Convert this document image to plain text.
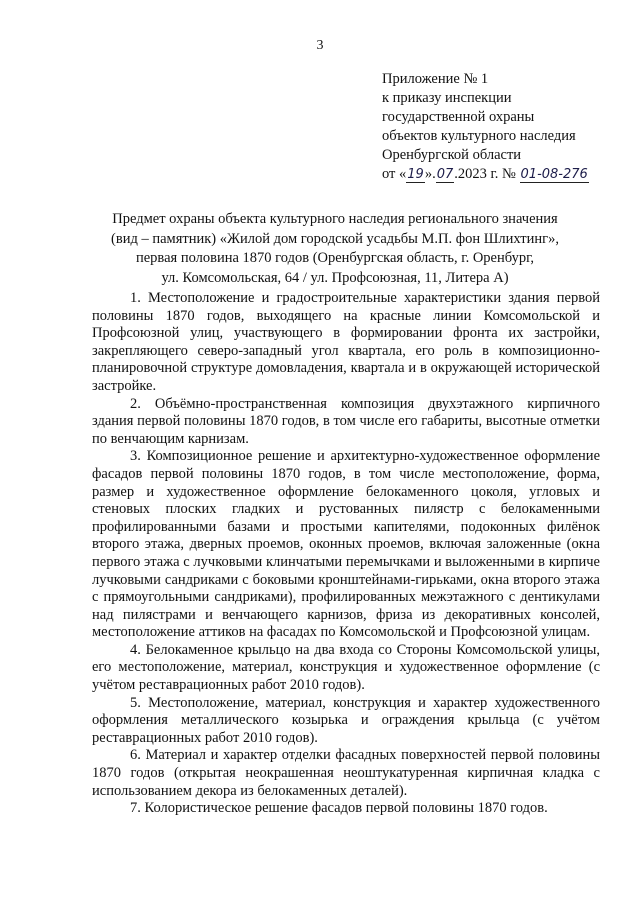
3
Приложение № 1
к приказу инспекции
государственной охраны
объектов культурного наследия
Оренбургской области
от «19».07.2023 г. № 01-08-276
Предмет охраны объекта культурного наследия регионального значения
(вид – памятник) «Жилой дом городской усадьбы М.П. фон Шлихтинг»,
первая половина 1870 годов (Оренбургская область, г. Оренбург,
ул. Комсомольская, 64 / ул. Профсоюзная, 11, Литера А)

1. Местоположение и градостроительные характеристики здания первой половины 1870 годов, выходящего на красные линии Комсомольской и Профсоюзной улиц, участвующего в формировании фронта их застройки, закрепляющего северо-западный угол квартала, его роль в композиционно-планировочной структуре домовладения, квартала и в окружающей исторической застройке.

2. Объёмно-пространственная композиция двухэтажного кирпичного здания первой половины 1870 годов, в том числе его габариты, высотные отметки по венчающим карнизам.

3. Композиционное решение и архитектурно-художественное оформление фасадов первой половины 1870 годов, в том числе местоположение, форма, размер и художественное оформление белокаменного цоколя, угловых и стеновых плоских гладких и рустованных пилястр с белокаменными профилированными базами и простыми капителями, подоконных филёнок второго этажа, дверных проемов, оконных проемов, включая заложенные (окна первого этажа с лучковыми клинчатыми перемычками и выложенными в кирпиче лучковыми сандриками с боковыми кронштейнами-гирьками, окна второго этажа с прямоугольными сандриками), профилированных межэтажного с дентикулами над пилястрами и венчающего карнизов, фриза из декоративных консолей, местоположение аттиков на фасадах по Комсомольской и Профсоюзной улицам.

4. Белокаменное крыльцо на два входа со Стороны Комсомольской улицы, его местоположение, материал, конструкция и художественное оформление (с учётом реставрационных работ 2010 годов).

5. Местоположение, материал, конструкция и характер художественного оформления металлического козырька и ограждения крыльца (с учётом реставрационных работ 2010 годов).

6. Материал и характер отделки фасадных поверхностей первой половины 1870 годов (открытая неокрашенная неоштукатуренная кирпичная кладка с использованием декора из белокаменных деталей).

7. Колористическое решение фасадов первой половины 1870 годов.
